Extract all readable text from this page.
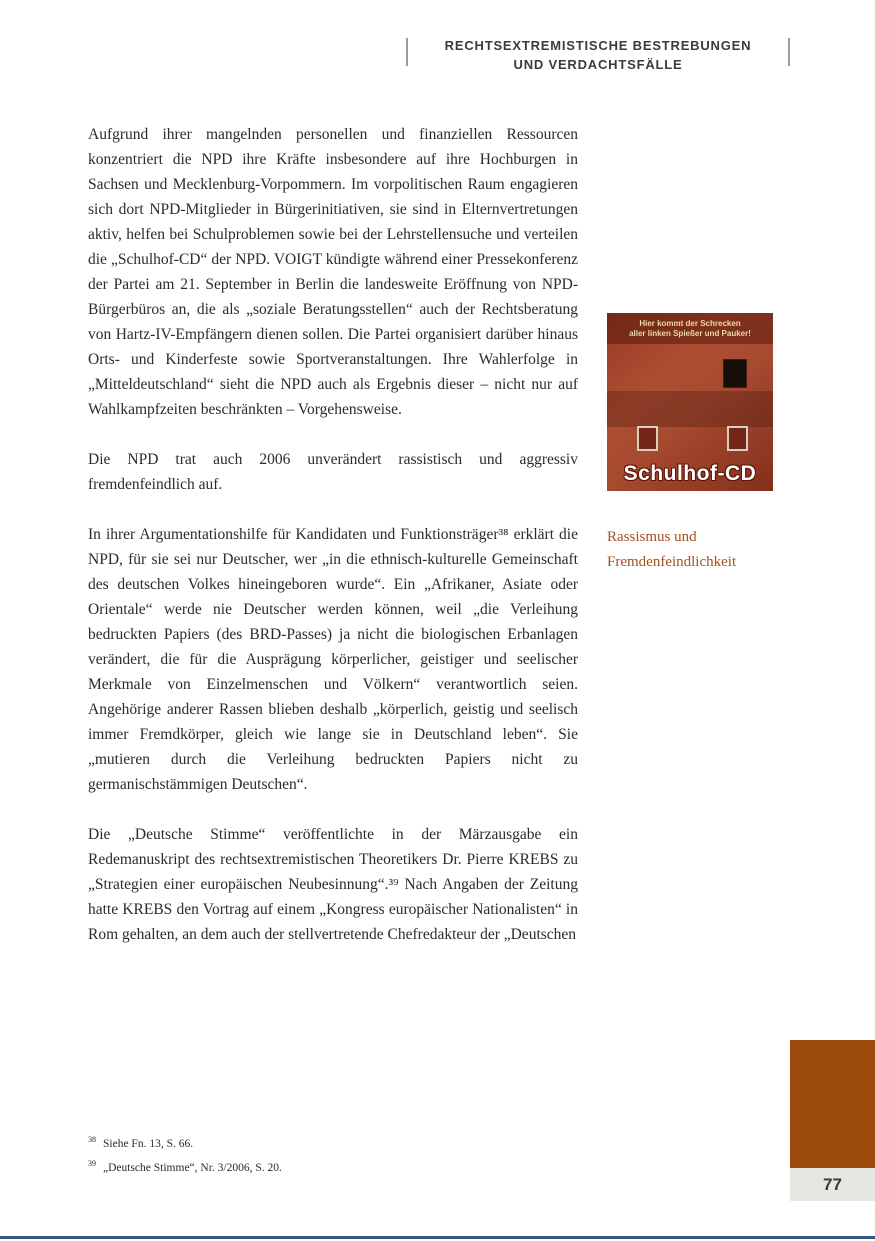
RECHTSEXTREMISTISCHE BESTREBUNGEN
UND VERDACHTSFÄLLE

Aufgrund ihrer mangelnden personellen und finanziellen Ressourcen konzentriert die NPD ihre Kräfte insbesondere auf ihre Hochburgen in Sachsen und Mecklenburg-Vorpommern. Im vorpolitischen Raum engagieren sich dort NPD-Mitglieder in Bürgerinitiativen, sie sind in Elternvertretungen aktiv, helfen bei Schulproblemen sowie bei der Lehrstellensuche und verteilen die „Schulhof-CD“ der NPD. VOIGT kündigte während einer Pressekonferenz der Partei am 21. September in Berlin die landesweite Eröffnung von NPD-Bürgerbüros an, die als „soziale Beratungsstellen“ auch der Rechtsberatung von Hartz-IV-Empfängern dienen sollen. Die Partei organisiert darüber hinaus Orts- und Kinderfeste sowie Sportveranstaltungen. Ihre Wahlerfolge in „Mitteldeutschland“ sieht die NPD auch als Ergebnis dieser – nicht nur auf Wahlkampfzeiten beschränkten – Vorgehensweise.

Die NPD trat auch 2006 unverändert rassistisch und aggressiv fremdenfeindlich auf.

In ihrer Argumentationshilfe für Kandidaten und Funktionsträger³⁸ erklärt die NPD, für sie sei nur Deutscher, wer „in die ethnisch-kulturelle Gemeinschaft des deutschen Volkes hineingeboren wurde“. Ein „Afrikaner, Asiate oder Orientale“ werde nie Deutscher werden können, weil „die Verleihung bedruckten Papiers (des BRD-Passes) ja nicht die biologischen Erbanlagen verändert, die für die Ausprägung körperlicher, geistiger und seelischer Merkmale von Einzelmenschen und Völkern“ verantwortlich seien. Angehörige anderer Rassen blieben deshalb „körperlich, geistig und seelisch immer Fremdkörper, gleich wie lange sie in Deutschland leben“. Sie „mutieren durch die Verleihung bedruckten Papiers nicht zu germanischstämmigen Deutschen“.

Die „Deutsche Stimme“ veröffentlichte in der Märzausgabe ein Redemanuskript des rechtsextremistischen Theoretikers Dr. Pierre KREBS zu „Strategien einer europäischen Neubesinnung“.³⁹ Nach Angaben der Zeitung hatte KREBS den Vortrag auf einem „Kongress europäischer Nationalisten“ in Rom gehalten, an dem auch der stellvertretende Chefredakteur der „Deutschen

Hier kommt der Schrecken
aller linken Spießer und Pauker!
Schulhof-CD
Rassismus und
Fremdenfeindlichkeit
38 Siehe Fn. 13, S. 66.
39 „Deutsche Stimme“, Nr. 3/2006, S. 20.
77
